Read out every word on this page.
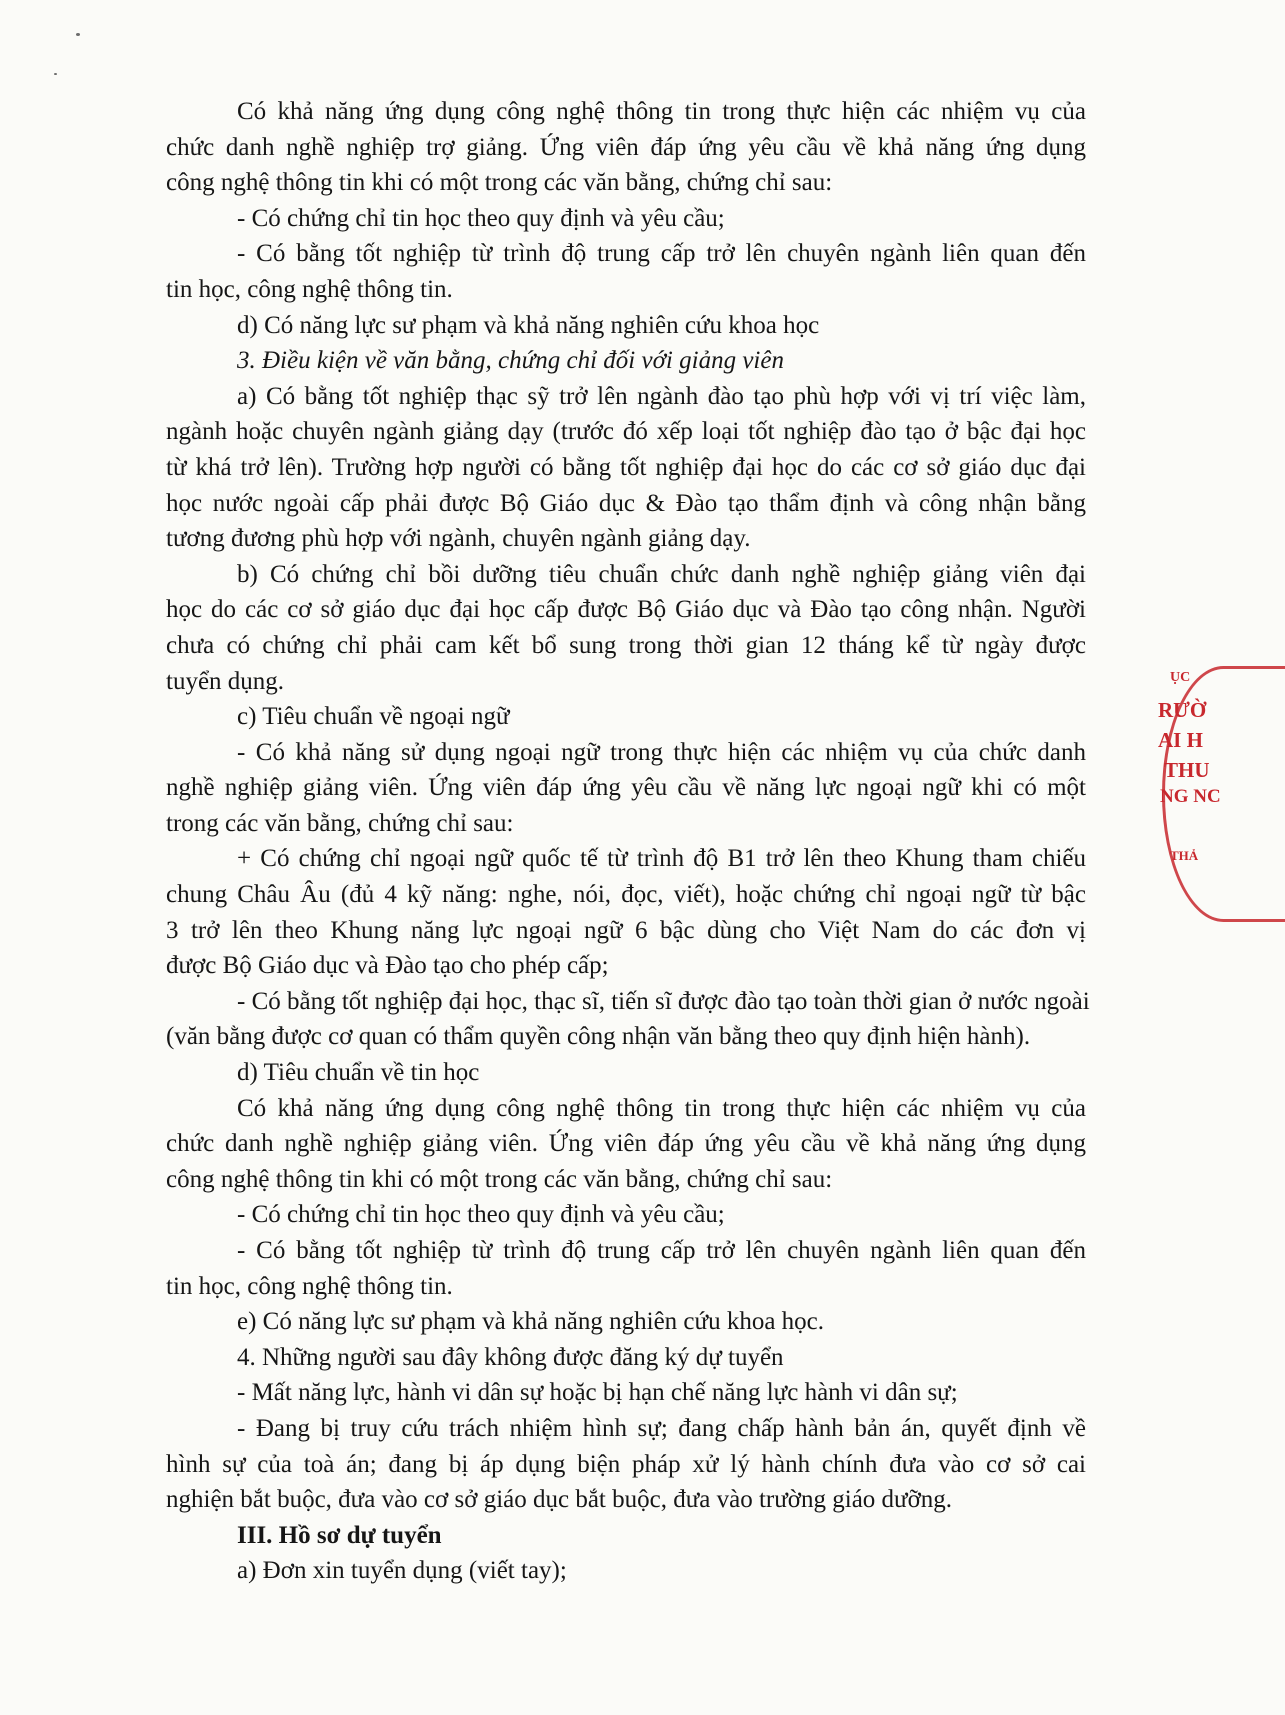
Có khả năng ứng dụng công nghệ thông tin trong thực hiện các nhiệm vụ của
chức danh nghề nghiệp trợ giảng. Ứng viên đáp ứng yêu cầu về khả năng ứng dụng
công nghệ thông tin khi có một trong các văn bằng, chứng chỉ sau:
- Có chứng chỉ tin học theo quy định và yêu cầu;
- Có bằng tốt nghiệp từ trình độ trung cấp trở lên chuyên ngành liên quan đến
tin học, công nghệ thông tin.
d) Có năng lực sư phạm và khả năng nghiên cứu khoa học
3. Điều kiện về văn bằng, chứng chỉ đối với giảng viên
a) Có bằng tốt nghiệp thạc sỹ trở lên ngành đào tạo phù hợp với vị trí việc làm,
ngành hoặc chuyên ngành giảng dạy (trước đó xếp loại tốt nghiệp đào tạo ở bậc đại học
từ khá trở lên). Trường hợp người có bằng tốt nghiệp đại học do các cơ sở giáo dục đại
học nước ngoài cấp phải được Bộ Giáo dục & Đào tạo thẩm định và công nhận bằng
tương đương phù hợp với ngành, chuyên ngành giảng dạy.
b) Có chứng chỉ bồi dưỡng tiêu chuẩn chức danh nghề nghiệp giảng viên đại
học do các cơ sở giáo dục đại học cấp được Bộ Giáo dục và Đào tạo công nhận. Người
chưa có chứng chỉ phải cam kết bổ sung trong thời gian 12 tháng kể từ ngày được
tuyển dụng.
c) Tiêu chuẩn về ngoại ngữ
- Có khả năng sử dụng ngoại ngữ trong thực hiện các nhiệm vụ của chức danh
nghề nghiệp giảng viên. Ứng viên đáp ứng yêu cầu về năng lực ngoại ngữ khi có một
trong các văn bằng, chứng chỉ sau:
+ Có chứng chỉ ngoại ngữ quốc tế từ trình độ B1 trở lên theo Khung tham chiếu
chung Châu Âu (đủ 4 kỹ năng: nghe, nói, đọc, viết), hoặc chứng chỉ ngoại ngữ từ bậc
3 trở lên theo Khung năng lực ngoại ngữ 6 bậc dùng cho Việt Nam do các đơn vị
được Bộ Giáo dục và Đào tạo cho phép cấp;
- Có bằng tốt nghiệp đại học, thạc sĩ, tiến sĩ được đào tạo toàn thời gian ở nước ngoài
(văn bằng được cơ quan có thẩm quyền công nhận văn bằng theo quy định hiện hành).
d) Tiêu chuẩn về tin học
Có khả năng ứng dụng công nghệ thông tin trong thực hiện các nhiệm vụ của
chức danh nghề nghiệp giảng viên. Ứng viên đáp ứng yêu cầu về khả năng ứng dụng
công nghệ thông tin khi có một trong các văn bằng, chứng chỉ sau:
- Có chứng chỉ tin học theo quy định và yêu cầu;
- Có bằng tốt nghiệp từ trình độ trung cấp trở lên chuyên ngành liên quan đến
tin học, công nghệ thông tin.
e) Có năng lực sư phạm và khả năng nghiên cứu khoa học.
4. Những người sau đây không được đăng ký dự tuyển
- Mất năng lực, hành vi dân sự hoặc bị hạn chế năng lực hành vi dân sự;
- Đang bị truy cứu trách nhiệm hình sự; đang chấp hành bản án, quyết định về
hình sự của toà án; đang bị áp dụng biện pháp xử lý hành chính đưa vào cơ sở cai
nghiện bắt buộc, đưa vào cơ sở giáo dục bắt buộc, đưa vào trường giáo dưỡng.
III. Hồ sơ dự tuyển
a) Đơn xin tuyển dụng (viết tay);
ỤC
RƯỜ
AI H
THU
NG NC
THẢ
